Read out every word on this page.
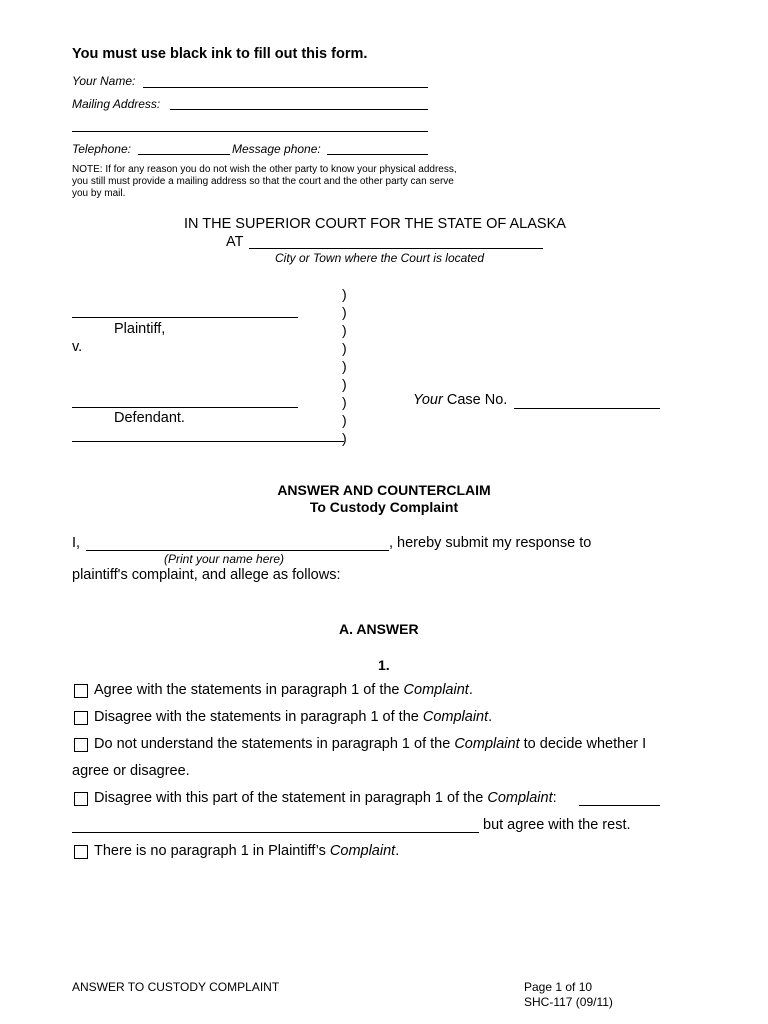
You must use black ink to fill out this form.
Your Name:
Mailing Address:
Telephone:	Message phone:
NOTE: If for any reason you do not wish the other party to know your physical address, you still must provide a mailing address so that the court and the other party can serve you by mail.
IN THE SUPERIOR COURT FOR THE STATE OF ALASKA
AT
City or Town where the Court is located
Plaintiff,
v.
Defendant.
)
)
)
)
)
)
)
)
)
Your Case No.
ANSWER AND COUNTERCLAIM
To Custody Complaint
I,	, hereby submit my response to
(Print your name here)
plaintiff's complaint, and allege as follows:
A. ANSWER
1.
Agree with the statements in paragraph 1 of the Complaint.
Disagree with the statements in paragraph 1 of the Complaint.
Do not understand the statements in paragraph 1 of the Complaint to decide whether I
agree or disagree.
Disagree with this part of the statement in paragraph 1 of the Complaint:
but agree with the rest.
There is no paragraph 1 in Plaintiff’s Complaint.
ANSWER TO CUSTODY COMPLAINT	Page 1 of 10
SHC-117 (09/11)
